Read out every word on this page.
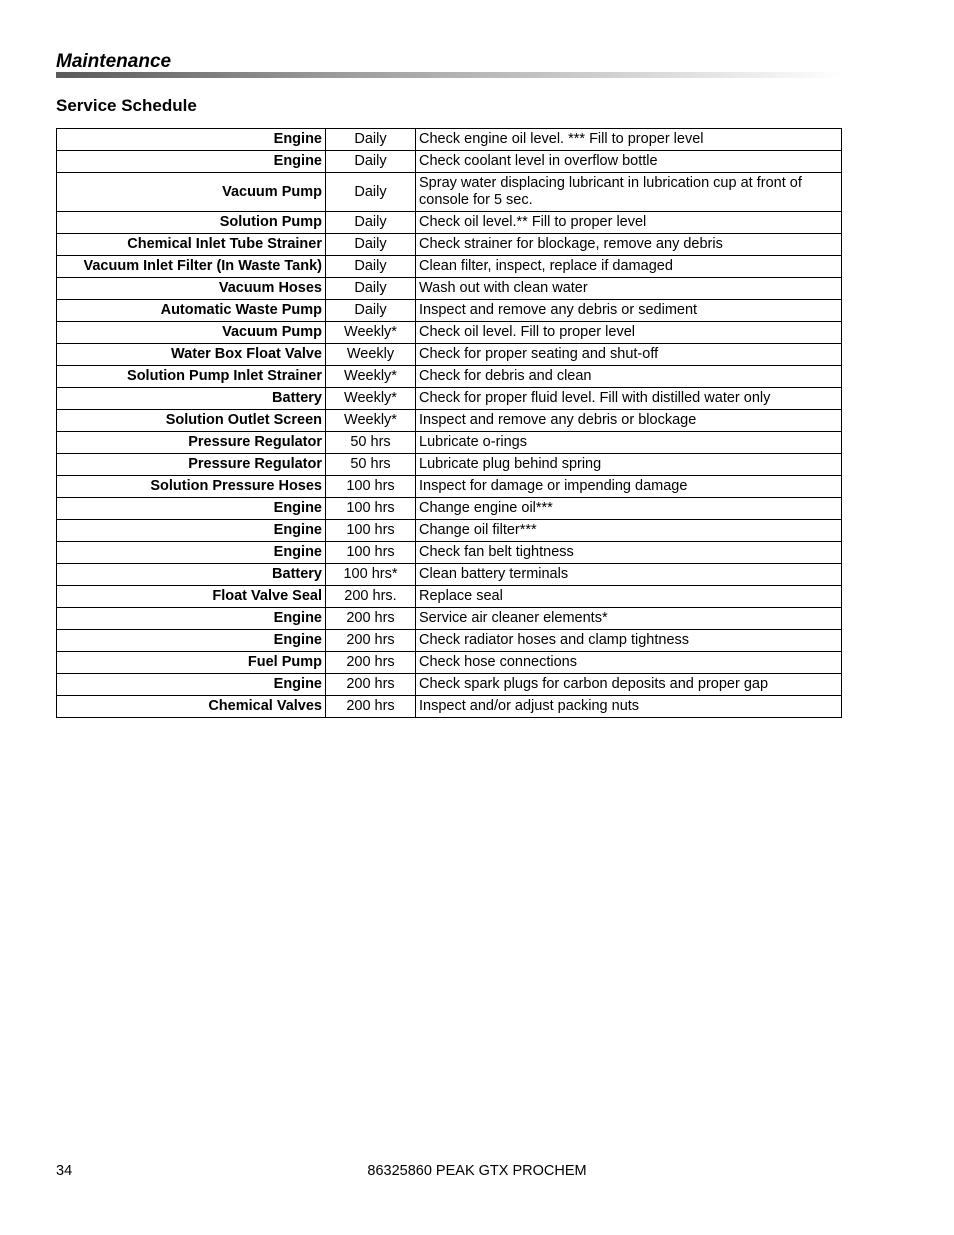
Maintenance
Service Schedule
Engine	Daily	Check engine oil level. *** Fill to proper level
Engine	Daily	Check coolant level in overflow bottle
Vacuum Pump	Daily	Spray water displacing lubricant in lubrication cup at front of console for 5 sec.
Solution Pump	Daily	Check oil level.** Fill to proper level
Chemical Inlet Tube Strainer	Daily	Check strainer for blockage, remove any debris
Vacuum Inlet Filter (In Waste Tank)	Daily	Clean filter, inspect, replace if damaged
Vacuum Hoses	Daily	Wash out with clean water
Automatic Waste Pump	Daily	Inspect and remove any debris or sediment
Vacuum Pump	Weekly*	Check oil level. Fill to proper level
Water Box Float Valve	Weekly	Check for proper seating and shut-off
Solution Pump Inlet Strainer	Weekly*	Check for debris and clean
Battery	Weekly*	Check for proper fluid level. Fill with distilled water only
Solution Outlet Screen	Weekly*	Inspect and remove any debris or blockage
Pressure Regulator	50 hrs	Lubricate o-rings
Pressure Regulator	50 hrs	Lubricate plug behind spring
Solution Pressure Hoses	100 hrs	Inspect for damage or impending damage
Engine	100 hrs	Change engine oil***
Engine	100 hrs	Change oil filter***
Engine	100 hrs	Check fan belt tightness
Battery	100 hrs*	Clean battery terminals
Float Valve Seal	200 hrs.	Replace seal
Engine	200 hrs	Service air cleaner elements*
Engine	200 hrs	Check radiator hoses and clamp tightness
Fuel Pump	200 hrs	Check hose connections
Engine	200 hrs	Check spark plugs for carbon deposits and proper gap
Chemical Valves	200 hrs	Inspect and/or adjust packing nuts
86325860 PEAK GTX PROCHEM
34
